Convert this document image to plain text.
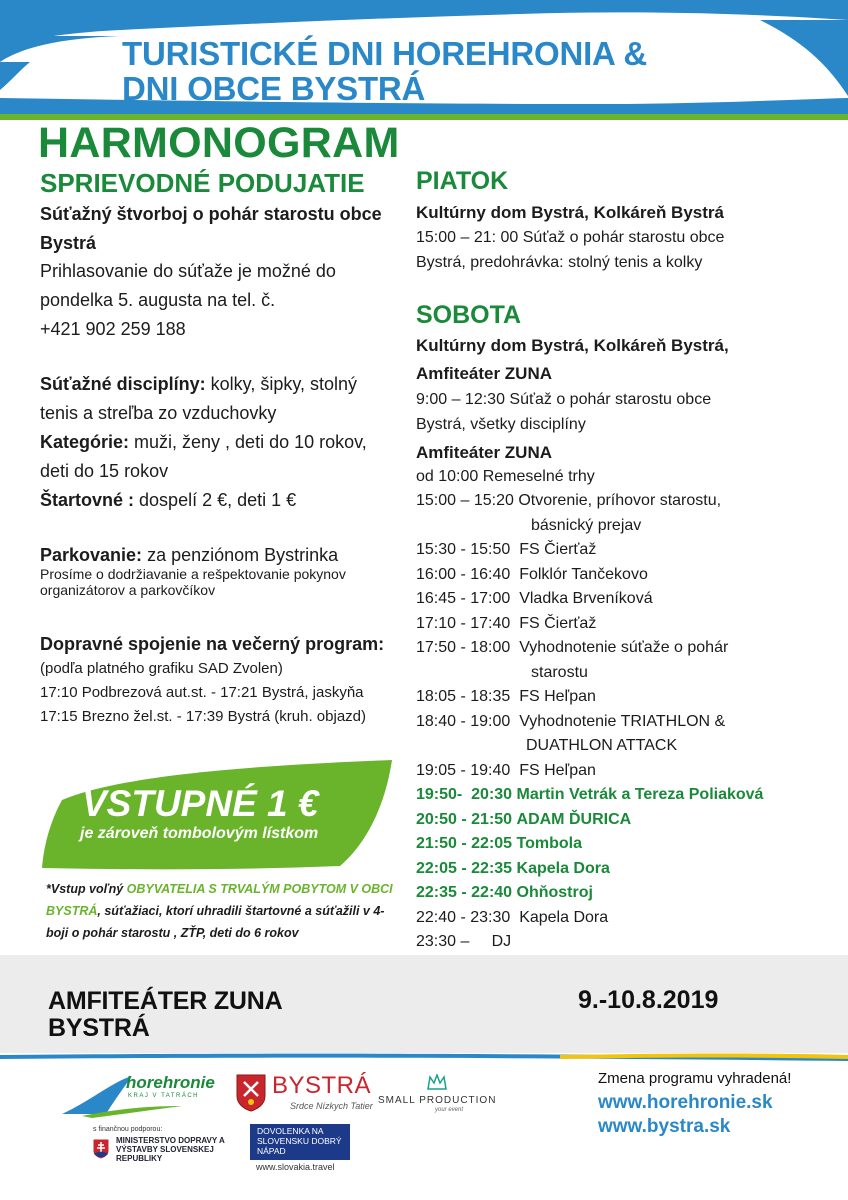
TURISTICKÉ DNI HOREHRONIA &
DNI OBCE BYSTRÁ
HARMONOGRAM
SPRIEVODNÉ PODUJATIE
Súťažný štvorboj o pohár starostu obce
Bystrá
Prihlasovanie do súťaže je možné do
pondelka 5. augusta na tel. č.
+421 902 259 188
Súťažné disciplíny: kolky, šipky, stolný
tenis a streľba zo vzduchovky
Kategórie: muži, ženy , deti do 10 rokov,
deti do 15 rokov
Štartovné : dospelí 2 €, deti 1 €
Parkovanie: za penziónom Bystrinka
Prosíme o dodržiavanie a rešpektovanie pokynov
organizátorov a parkovčíkov
Dopravné spojenie na večerný program:
(podľa platného grafiku SAD Zvolen)
17:10 Podbrezová aut.st. - 17:21 Bystrá, jaskyňa
17:15 Brezno žel.st. - 17:39 Bystrá (kruh. objazd)
VSTUPNÉ 1 €
je zároveň tombolovým lístkom
*Vstup voľný OBYVATELIA S TRVALÝM POBYTOM V OBCI BYSTRÁ, súťažiaci, ktorí uhradili štartovné a súťažili v 4-boji o pohár starostu , ZŤP, deti do 6 rokov
PIATOK
Kultúrny dom Bystrá, Kolkáreň Bystrá
15:00 – 21: 00 Súťaž o pohár starostu obce
Bystrá, predohrávka: stolný tenis a kolky
SOBOTA
Kultúrny dom Bystrá, Kolkáreň Bystrá,
Amfiteáter ZUNA
9:00 – 12:30 Súťaž o pohár starostu obce
Bystrá, všetky disciplíny
Amfiteáter ZUNA
od 10:00 Remeselné trhy
15:00 – 15:20 Otvorenie, príhovor starostu,
básnický prejav
15:30 - 15:50 FS Čierťaž
16:00 - 16:40 Folklór Tančekovo
16:45 - 17:00 Vladka Brveníková
17:10 - 17:40 FS Čierťaž
17:50 - 18:00 Vyhodnotenie súťaže o pohár
starostu
18:05 - 18:35 FS Heľpan
18:40 - 19:00 Vyhodnotenie TRIATHLON &
DUATHLON ATTACK
19:05 - 19:40 FS Heľpan
19:50-  20:30 Martin Vetrák a Tereza Poliaková
20:50 - 21:50 ADAM ĎURICA
21:50 - 22:05 Tombola
22:05 - 22:35 Kapela Dora
22:35 - 22:40 Ohňostroj
22:40 - 23:30 Kapela Dora
23:30 – DJ
AMFITEÁTER ZUNA
BYSTRÁ
9.-10.8.2019
horehronie
KRAJ V TATRÁCH	BYSTRÁ
Srdce Nízkych Tatier SMALL PRODUCTION
your event
s finančnou podporou:
MINISTERSTVO DOPRAVY A VÝSTAVBY SLOVENSKEJ REPUBLIKY
DOVOLENKA NA SLOVENSKU DOBRÝ NÁPAD
www.slovakia.travel
Zmena programu vyhradená!
www.horehronie.sk
www.bystra.sk
